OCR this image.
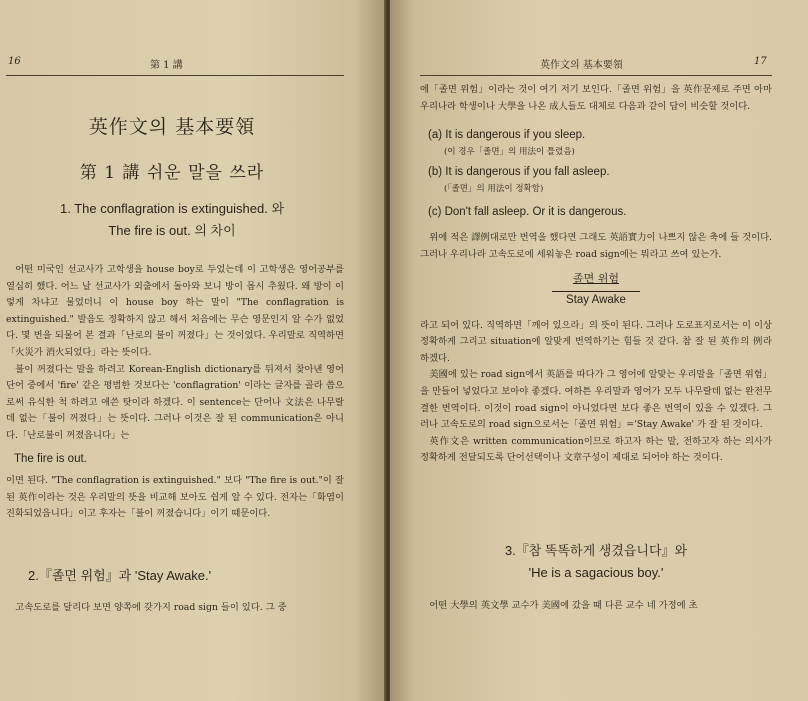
16	第 1 講
英作文의 基本要領
第 1 講 쉬운 말을 쓰라
1. The conflagration is extinguished. 와
The fire is out. 의 차이

어떤 미국인 선교사가 고학생을 house boy로 두었는데 이 고학생은 영어공부를 열심히 했다. 어느 날 선교사가 외출에서 돌아와 보니 방이 몹시 추웠다. 왜 방이 이렇게 차냐고 물었더니 이 house boy 하는 말이 "The conflagration is extinguished." 발음도 정확하지 않고 해서 처음에는 무슨 영문인지 알 수가 없었다. 몇 번을 되물어 본 결과「난로의 불이 꺼졌다」는 것이었다. 우리말로 직역하면「火災가 消火되었다」라는 뜻이다.

불이 꺼졌다는 말을 하려고 Korean-English dictionary를 뒤져서 찾아낸 영어단어 중에서 'fire' 같은 평범한 것보다는 'conflagration' 이라는 글자를 골라 씀으로써 유식한 척 하려고 애쓴 탓이라 하겠다. 이 sentence는 단어나 文法은 나무랄데 없는「불이 꺼졌다」는 뜻이다. 그러나 이것은 잘 된 communication은 아니다.「난로불이 꺼졌읍니다」는

The fire is out.

이면 된다. "The conflagration is extinguished." 보다 "The fire is out."이 잘 된 英作이라는 것은 우리말의 뜻을 비교해 보아도 쉽게 알 수 있다. 전자는「화염이 진화되었읍니다」이고 후자는「불이 꺼졌습니다」이기 때문이다.

2.『졸면 위험』과 'Stay Awake.'

고속도로를 달리다 보면 양쪽에 갖가지 road sign 들이 있다. 그 중

英作文의 基本要領	17

에「졸면 위험」이라는 것이 여기 저기 보인다.「졸면 위험」을 英作문제로 주면 아마 우리나라 학생이나 大學을 나온 成人들도 대체로 다음과 같이 답이 비슷할 것이다.

(a) It is dangerous if you sleep.

(이 경우「졸면」의 用法이 틀렸음)

(b) It is dangerous if you fall asleep.

(「졸면」의 用法이 정확함)

(c) Don't fall asleep. Or it is dangerous.

위에 적은 譯例대로만 번역을 했다면 그래도 英語實力이 나쁘지 않은 축에 들 것이다. 그러나 우리나라 고속도로에 세워놓은 road sign에는 뭐라고 쓰여 있는가.

졸면 위험
Stay Awake

라고 되어 있다. 직역하면「깨어 있으라」의 뜻이 된다. 그러나 도로표지로서는 이 이상 정확하게 그리고 situation에 알맞게 번역하기는 힘들 것 같다. 참 잘 된 英作의 例라 하겠다.

美國에 있는 road sign에서 英語를 따다가 그 영어에 알맞는 우리말을「졸면 위험」을 만들어 넣었다고 보아야 좋겠다. 여하튼 우리말과 영어가 모두 나무랄데 없는 완전무결한 번역이다. 이것이 road sign이 아니었다면 보다 좋은 번역이 있을 수 있겠다. 그러나 고속도로의 road sign으로서는「졸면 위험」='Stay Awake' 가 잘 된 것이다.

英作文은 written communication이므로 하고자 하는 말, 전하고자 하는 의사가 정확하게 전달되도록 단어선택이나 文章구성이 제대로 되어야 하는 것이다.

3.『참 똑똑하게 생겼읍니다』와
'He is a sagacious boy.'

어떤 大學의 英文學 교수가 美國에 갔을 때 다른 교수 네 가정에 초
